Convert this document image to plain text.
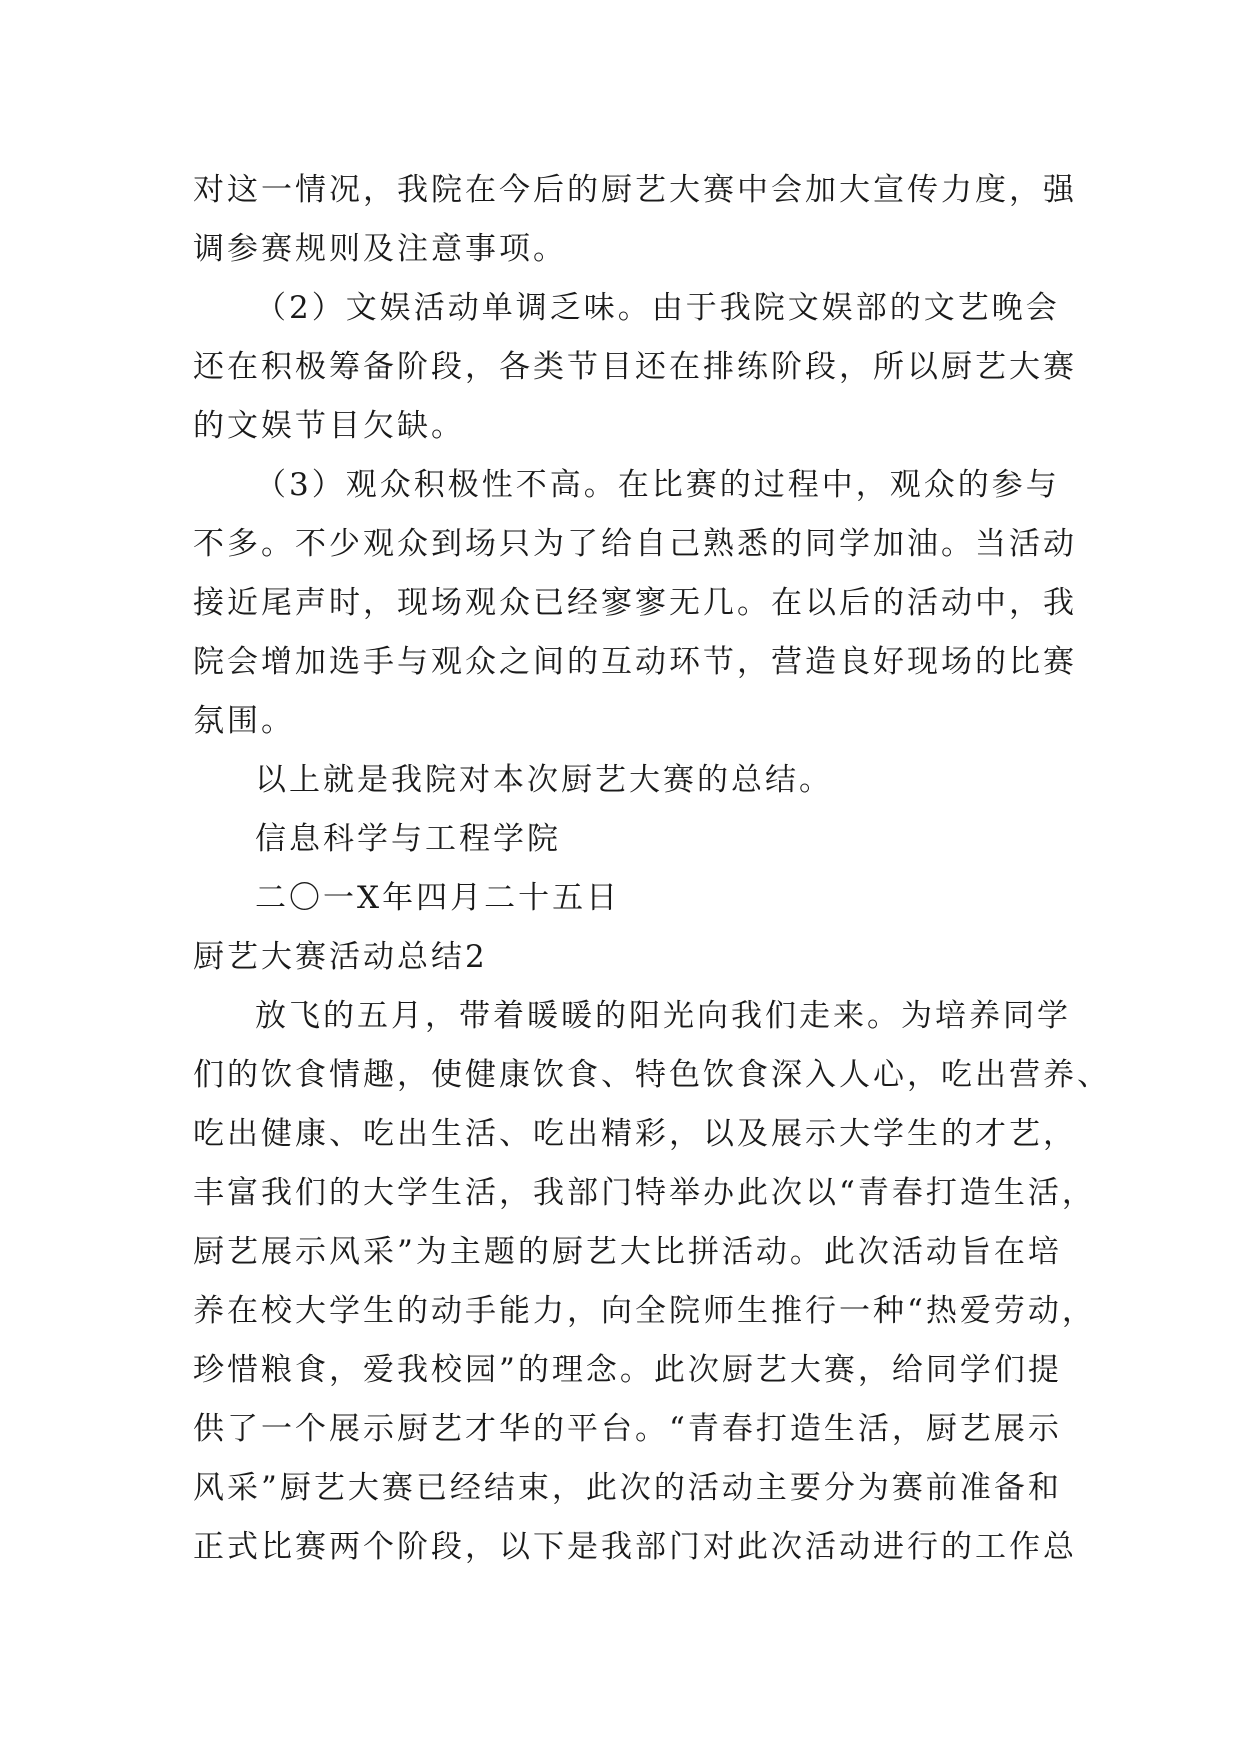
对这一情况，我院在今后的厨艺大赛中会加大宣传力度，强
调参赛规则及注意事项。
（2）文娱活动单调乏味。由于我院文娱部的文艺晚会
还在积极筹备阶段，各类节目还在排练阶段，所以厨艺大赛
的文娱节目欠缺。
（3）观众积极性不高。在比赛的过程中，观众的参与
不多。不少观众到场只为了给自己熟悉的同学加油。当活动
接近尾声时，现场观众已经寥寥无几。在以后的活动中，我
院会增加选手与观众之间的互动环节，营造良好现场的比赛
氛围。
以上就是我院对本次厨艺大赛的总结。
信息科学与工程学院
二〇一X年四月二十五日
厨艺大赛活动总结2
放飞的五月，带着暖暖的阳光向我们走来。为培养同学
们的饮食情趣，使健康饮食、特色饮食深入人心，吃出营养、
吃出健康、吃出生活、吃出精彩，以及展示大学生的才艺，
丰富我们的大学生活，我部门特举办此次以“青春打造生活，
厨艺展示风采”为主题的厨艺大比拼活动。此次活动旨在培
养在校大学生的动手能力，向全院师生推行一种“热爱劳动，
珍惜粮食，爱我校园”的理念。此次厨艺大赛，给同学们提
供了一个展示厨艺才华的平台。“青春打造生活，厨艺展示
风采”厨艺大赛已经结束，此次的活动主要分为赛前准备和
正式比赛两个阶段，以下是我部门对此次活动进行的工作总
